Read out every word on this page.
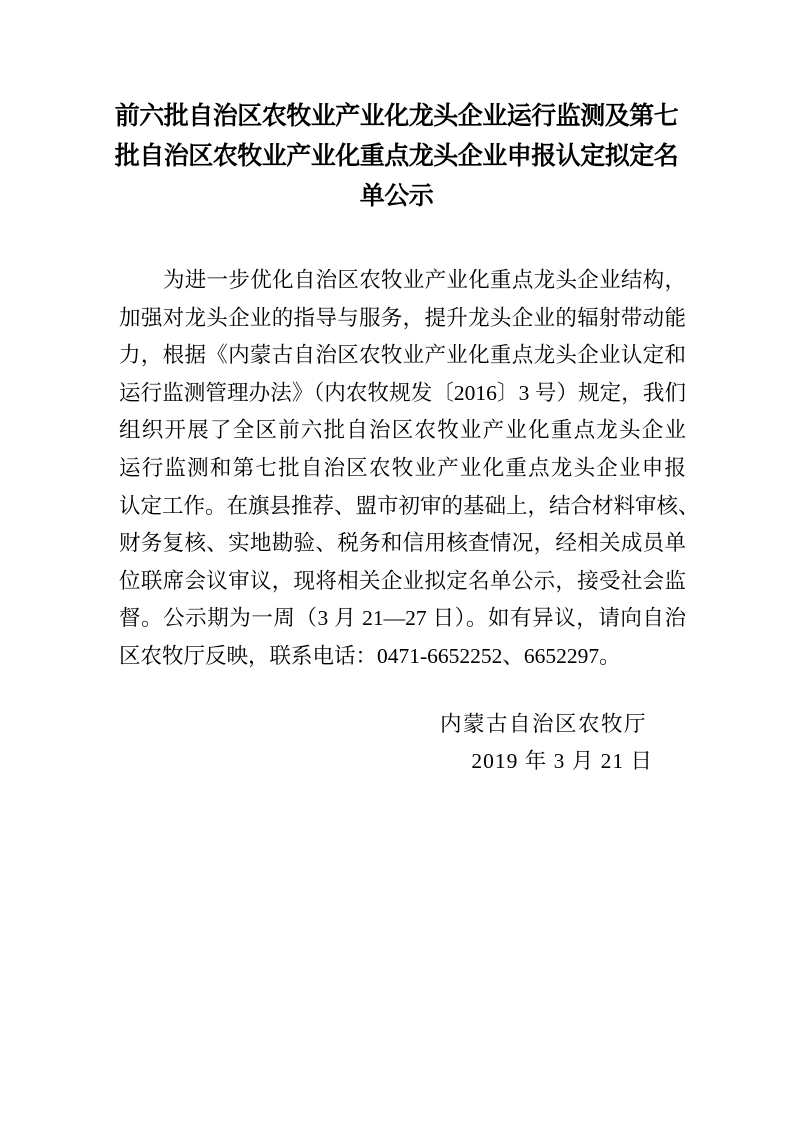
前六批自治区农牧业产业化龙头企业运行监测及第七
批自治区农牧业产业化重点龙头企业申报认定拟定名
单公示
为进一步优化自治区农牧业产业化重点龙头企业结构，
加强对龙头企业的指导与服务，提升龙头企业的辐射带动能
力，根据《内蒙古自治区农牧业产业化重点龙头企业认定和
运行监测管理办法》（内农牧规发〔2016〕3 号）规定，我们
组织开展了全区前六批自治区农牧业产业化重点龙头企业
运行监测和第七批自治区农牧业产业化重点龙头企业申报
认定工作。在旗县推荐、盟市初审的基础上，结合材料审核、
财务复核、实地勘验、税务和信用核查情况，经相关成员单
位联席会议审议，现将相关企业拟定名单公示，接受社会监
督。公示期为一周（3 月 21—27 日）。如有异议，请向自治
区农牧厅反映，联系电话：0471-6652252、6652297。
内蒙古自治区农牧厅
2019 年 3 月 21 日
